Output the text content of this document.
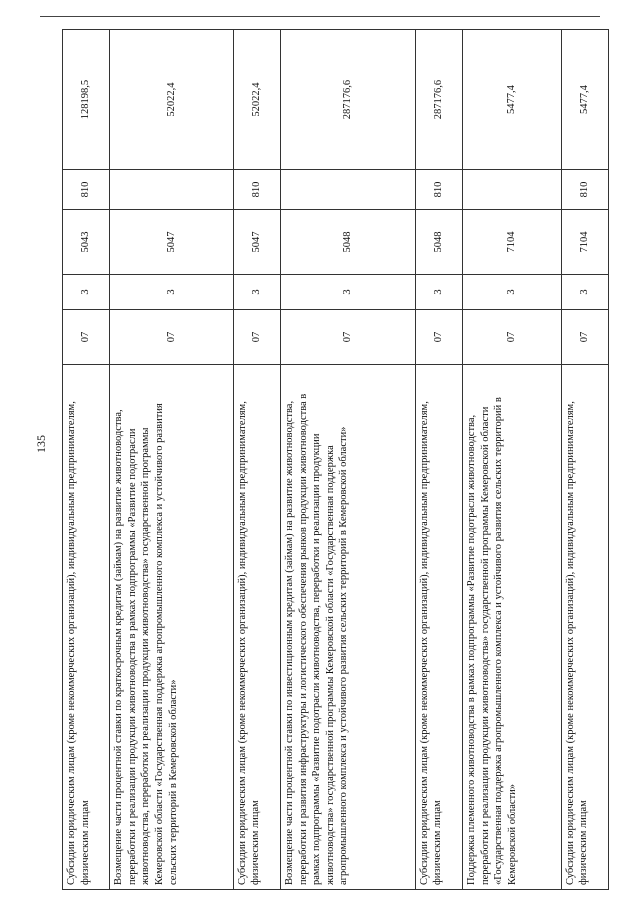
135 Субсидии юридическим лицам (кроме некоммерческих организаций), индивидуальным предпринимателям, физическим лицам	07	3	5043	810	128198,5
Возмещение части процентной ставки по краткосрочным кредитам (займам) на развитие животноводства, переработки и реализации продукции животноводства в рамках подпрограммы «Развитие подотрасли животноводства, переработки и реализации продукции животноводства» государственной программы Кемеровской области «Государственная поддержка агропромышленного комплекса и устойчивого развития сельских территорий в Кемеровской области»	07	3	5047		52022,4
Субсидии юридическим лицам (кроме некоммерческих организаций), индивидуальным предпринимателям, физическим лицам	07	3	5047	810	52022,4
Возмещение части процентной ставки по инвестиционным кредитам (займам) на развитие животноводства, переработки и развития инфраструктуры и логистического обеспечения рынков продукции животноводства в рамках подпрограммы «Развитие подотрасли животноводства, переработки и реализации продукции животноводства» государственной программы Кемеровской области «Государственная поддержка агропромышленного комплекса и устойчивого развития сельских территорий в Кемеровской области»	07	3	5048		287176,6
Субсидии юридическим лицам (кроме некоммерческих организаций), индивидуальным предпринимателям, физическим лицам	07	3	5048	810	287176,6
Поддержка племенного животноводства в рамках подпрограммы «Развитие подотрасли животноводства, переработки и реализации продукции животноводства» государственной программы Кемеровской области «Государственная поддержка агропромышленного комплекса и устойчивого развития сельских территорий в Кемеровской области»	07	3	7104		5477,4
Субсидии юридическим лицам (кроме некоммерческих организаций), индивидуальным предпринимателям, физическим лицам	07	3	7104	810	5477,4
